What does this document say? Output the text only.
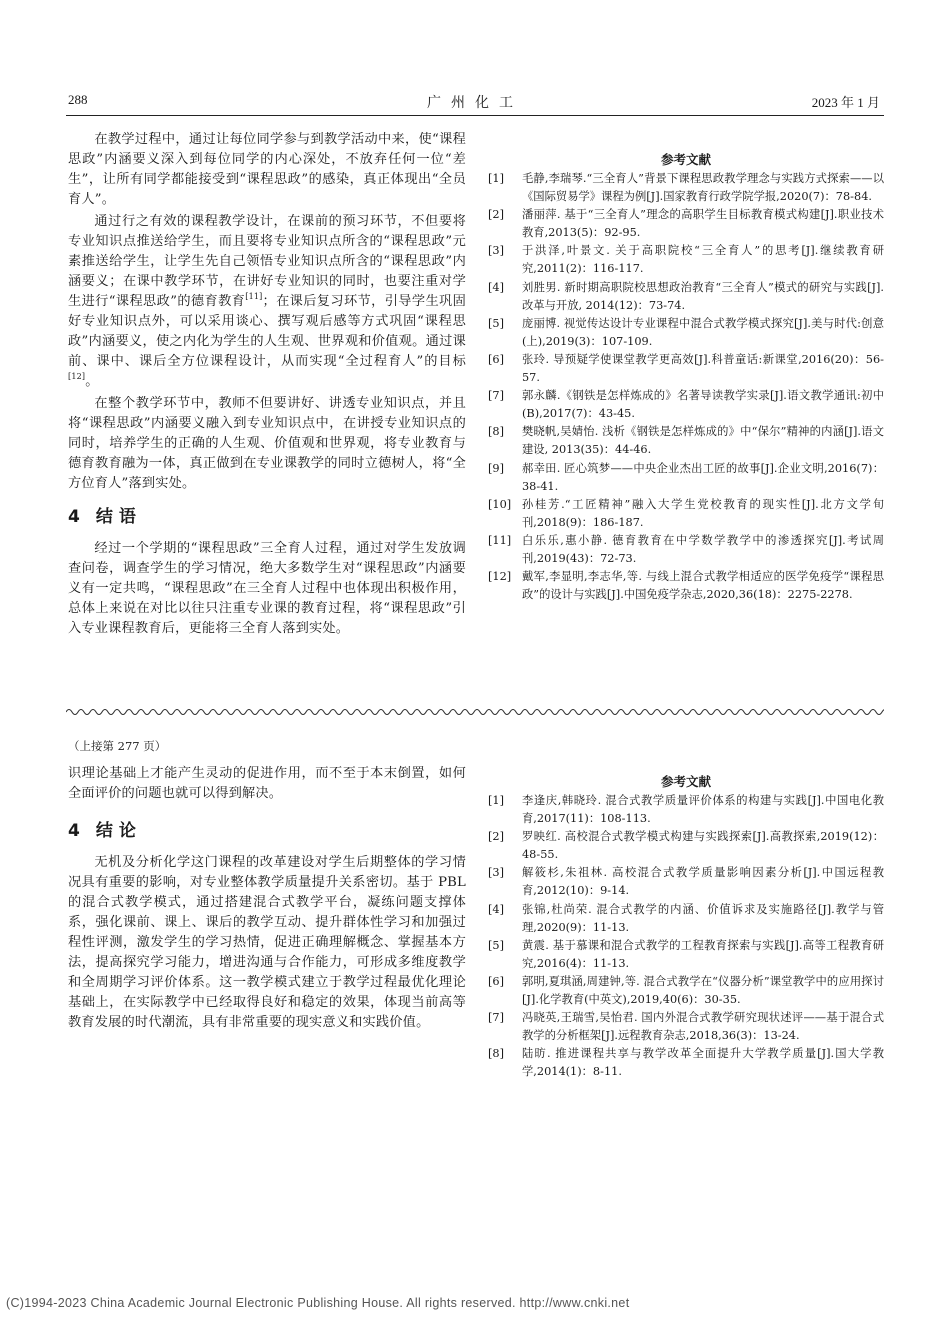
288	广州化工	2023 年 1 月

在教学过程中，通过让每位同学参与到教学活动中来，使“课程思政”内涵要义深入到每位同学的内心深处，不放弃任何一位“差生”，让所有同学都能接受到“课程思政”的感染，真正体现出“全员育人”。

通过行之有效的课程教学设计，在课前的预习环节，不但要将专业知识点推送给学生，而且要将专业知识点所含的“课程思政”元素推送给学生，让学生先自己领悟专业知识点所含的“课程思政”内涵要义；在课中教学环节，在讲好专业知识的同时，也要注重对学生进行“课程思政”的德育教育[11]；在课后复习环节，引导学生巩固好专业知识点外，可以采用谈心、撰写观后感等方式巩固“课程思政”内涵要义，使之内化为学生的人生观、世界观和价值观。通过课前、课中、课后全方位课程设计，从而实现“全过程育人”的目标[12]。

在整个教学环节中，教师不但要讲好、讲透专业知识点，并且将“课程思政”内涵要义融入到专业知识点中，在讲授专业知识点的同时，培养学生的正确的人生观、价值观和世界观，将专业教育与德育教育融为一体，真正做到在专业课教学的同时立德树人，将“全方位育人”落到实处。

4 结语

经过一个学期的“课程思政”三全育人过程，通过对学生发放调查问卷，调查学生的学习情况，绝大多数学生对“课程思政”内涵要义有一定共鸣，“课程思政”在三全育人过程中也体现出积极作用，总体上来说在对比以往只注重专业课的教育过程，将“课程思政”引入专业课程教育后，更能将三全育人落到实处。

参考文献
[1]	毛静,李瑞琴.“三全育人”背景下课程思政教学理念与实践方式探索——以《国际贸易学》课程为例[J].国家教育行政学院学报,2020(7)：78-84.
[2]	潘丽萍. 基于“三全育人”理念的高职学生目标教育模式构建[J].职业技术教育,2013(5)：92-95.
[3]	于洪泽,叶景文. 关于高职院校“三全育人”的思考[J].继续教育研究,2011(2)：116-117.
[4]	刘胜男. 新时期高职院校思想政治教育“三全育人”模式的研究与实践[J].改革与开放, 2014(12)：73-74.
[5]	庞丽博. 视觉传达设计专业课程中混合式教学模式探究[J].美与时代:创意(上),2019(3)：107-109.
[6]	张玲. 导预疑学使课堂教学更高效[J].科普童话:新课堂,2016(20)：56-57.
[7]	郭永麟.《钢铁是怎样炼成的》名著导读教学实录[J].语文教学通讯:初中(B),2017(7)：43-45.
[8]	樊晓帆,吴婧怡. 浅析《钢铁是怎样炼成的》中“保尔”精神的内涵[J].语文建设, 2013(35)：44-46.
[9]	郝幸田. 匠心筑梦——中央企业杰出工匠的故事[J].企业文明,2016(7)：38-41.
[10] 孙桂芳.“工匠精神”融入大学生党校教育的现实性[J].北方文学旬刊,2018(9)：186-187.
[11] 白乐乐,惠小静. 德育教育在中学数学教学中的渗透探究[J].考试周刊,2019(43)：72-73.
[12] 戴军,李显明,李志华,等. 与线上混合式教学相适应的医学免疫学“课程思政”的设计与实践[J].中国免疫学杂志,2020,36(18)：2275-2278.
（上接第 277 页）

识理论基础上才能产生灵动的促进作用，而不至于本末倒置，如何全面评价的问题也就可以得到解决。

4 结论

无机及分析化学这门课程的改革建设对学生后期整体的学习情况具有重要的影响，对专业整体教学质量提升关系密切。基于 PBL 的混合式教学模式，通过搭建混合式教学平台，凝练问题支撑体系，强化课前、课上、课后的教学互动、提升群体性学习和加强过程性评测，激发学生的学习热情，促进正确理解概念、掌握基本方法，提高探究学习能力，增进沟通与合作能力，可形成多维度教学和全周期学习评价体系。这一教学模式建立于教学过程最优化理论基础上，在实际教学中已经取得良好和稳定的效果，体现当前高等教育发展的时代潮流，具有非常重要的现实意义和实践价值。

参考文献
[1]	李逢庆,韩晓玲. 混合式教学质量评价体系的构建与实践[J].中国电化教育,2017(11)：108-113.
[2]	罗映红. 高校混合式教学模式构建与实践探索[J].高教探索,2019(12)：48-55.
[3]	解筱杉,朱祖林. 高校混合式教学质量影响因素分析[J].中国远程教育,2012(10)：9-14.
[4]	张锦,杜尚荣. 混合式教学的内涵、价值诉求及实施路径[J].教学与管理,2020(9)：11-13.
[5]	黄震. 基于慕课和混合式教学的工程教育探索与实践[J].高等工程教育研究,2016(4)：11-13.
[6]	郭明,夏琪涵,周建钟,等. 混合式教学在“仪器分析”课堂教学中的应用探讨[J].化学教育(中英文),2019,40(6)：30-35.
[7]	冯晓英,王瑞雪,吴怡君. 国内外混合式教学研究现状述评——基于混合式教学的分析框架[J].远程教育杂志,2018,36(3)：13-24.
[8]	陆昉. 推进课程共享与教学改革全面提升大学教学质量[J].国大学教学,2014(1)：8-11.
(C)1994-2023 China Academic Journal Electronic Publishing House. All rights reserved. http://www.cnki.net
